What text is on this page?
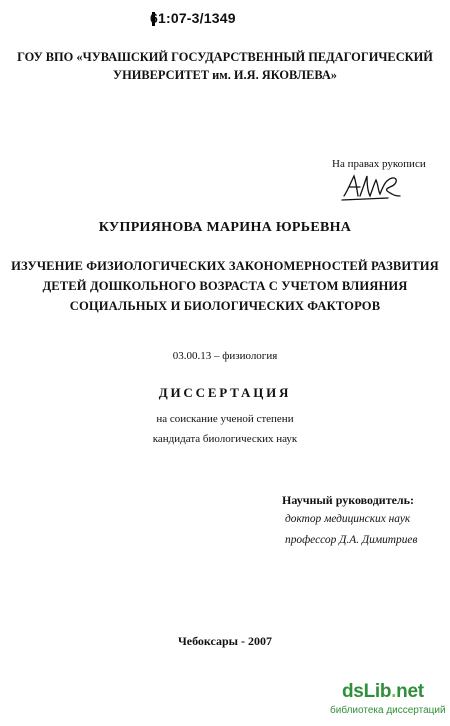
61:07-3/1349
ГОУ ВПО «ЧУВАШСКИЙ ГОСУДАРСТВЕННЫЙ ПЕДАГОГИЧЕСКИЙ
УНИВЕРСИТЕТ им. И.Я. ЯКОВЛЕВА»
На правах рукописи
КУПРИЯНОВА МАРИНА ЮРЬЕВНА
ИЗУЧЕНИЕ ФИЗИОЛОГИЧЕСКИХ ЗАКОНОМЕРНОСТЕЙ РАЗВИТИЯ
ДЕТЕЙ ДОШКОЛЬНОГО ВОЗРАСТА С УЧЕТОМ ВЛИЯНИЯ
СОЦИАЛЬНЫХ И БИОЛОГИЧЕСКИХ ФАКТОРОВ
03.00.13 – физиология
ДИССЕРТАЦИЯ
на соискание ученой степени
кандидата биологических наук
Научный руководитель:
доктор медицинских наук
профессор Д.А. Димитриев
Чебоксары - 2007
dsLib.net
библиотека диссертаций
